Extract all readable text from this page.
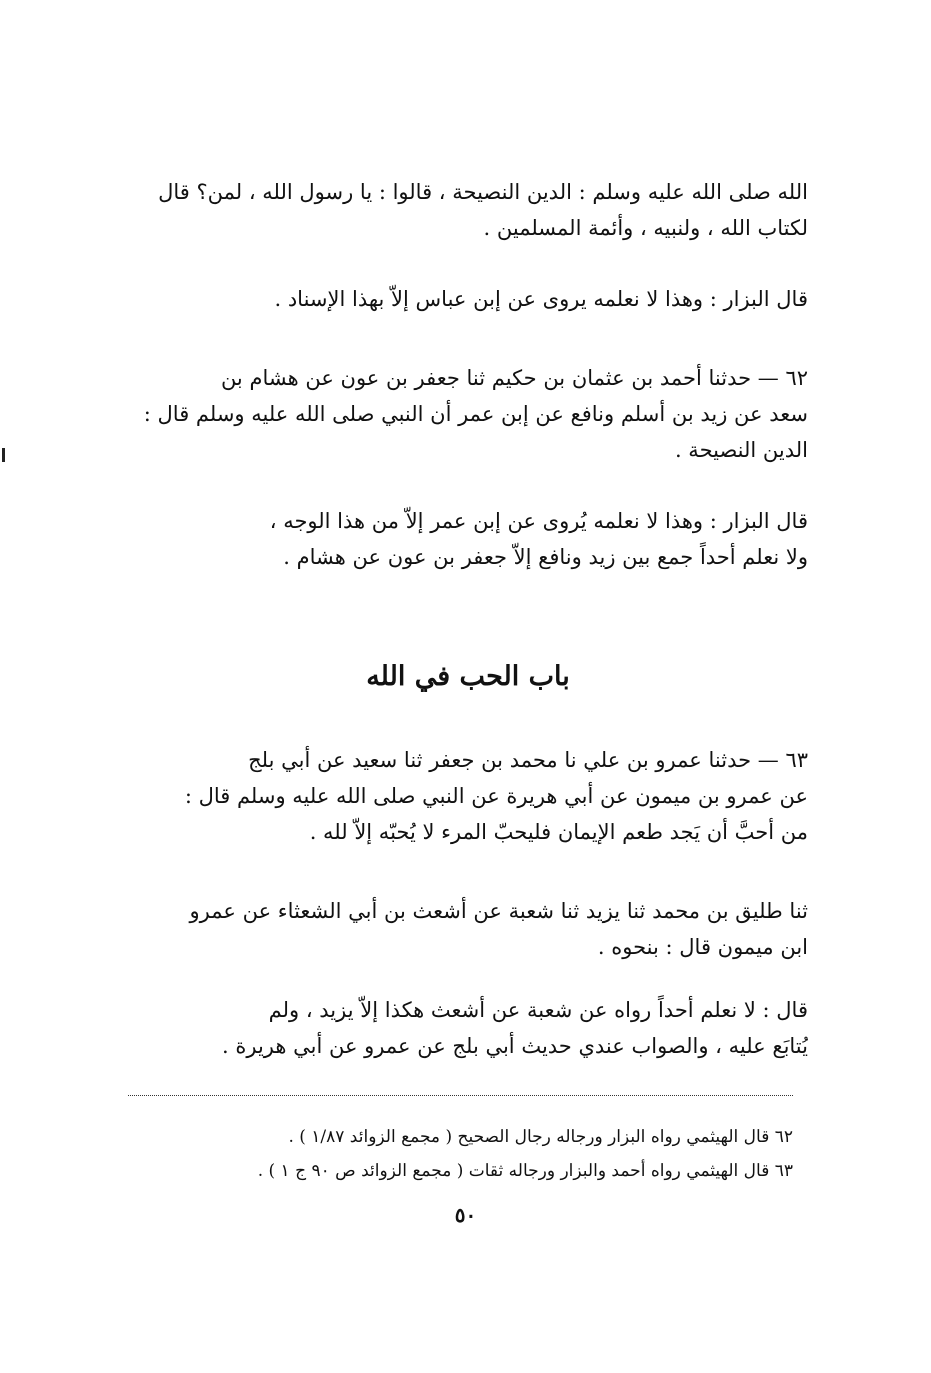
الله صلى الله عليه وسلم : الدين النصيحة ، قالوا : يا رسول الله ، لمن؟ قال
لكتاب الله ، ولنبيه ، وأئمة المسلمين .
قال البزار : وهذا لا نعلمه يروى عن إبن عباس إلاّ بهذا الإسناد .
٦٢ — حدثنا أحمد بن عثمان بن حكيم ثنا جعفر بن عون عن هشام بن
سعد عن زيد بن أسلم ونافع عن إبن عمر أن النبي صلى الله عليه وسلم قال :
الدين النصيحة .
قال البزار : وهذا لا نعلمه يُروى عن إبن عمر إلاّ من هذا الوجه ،
ولا نعلم أحداً جمع بين زيد ونافع إلاّ جعفر بن عون عن هشام .
باب الحب في الله
٦٣ — حدثنا عمرو بن علي نا محمد بن جعفر ثنا سعيد عن أبي بلج
عن عمرو بن ميمون عن أبي هريرة عن النبي صلى الله عليه وسلم قال :
من أحبَّ أن يَجد طعم الإيمان فليحبّ المرء لا يُحبّه إلاّ لله .
ثنا طليق بن محمد ثنا يزيد ثنا شعبة عن أشعث بن أبي الشعثاء عن عمرو
ابن ميمون قال : بنحوه .
قال : لا نعلم أحداً رواه عن شعبة عن أشعث هكذا إلاّ يزيد ، ولم
يُتابَع عليه ، والصواب عندي حديث أبي بلج عن عمرو عن أبي هريرة .
٦٢ قال الهيثمي رواه البزار ورجاله رجال الصحيح ( مجمع الزوائد ١/٨٧ ) .
٦٣ قال الهيثمي رواه أحمد والبزار ورجاله ثقات ( مجمع الزوائد ص ٩٠ ج ١ ) .
٥٠
